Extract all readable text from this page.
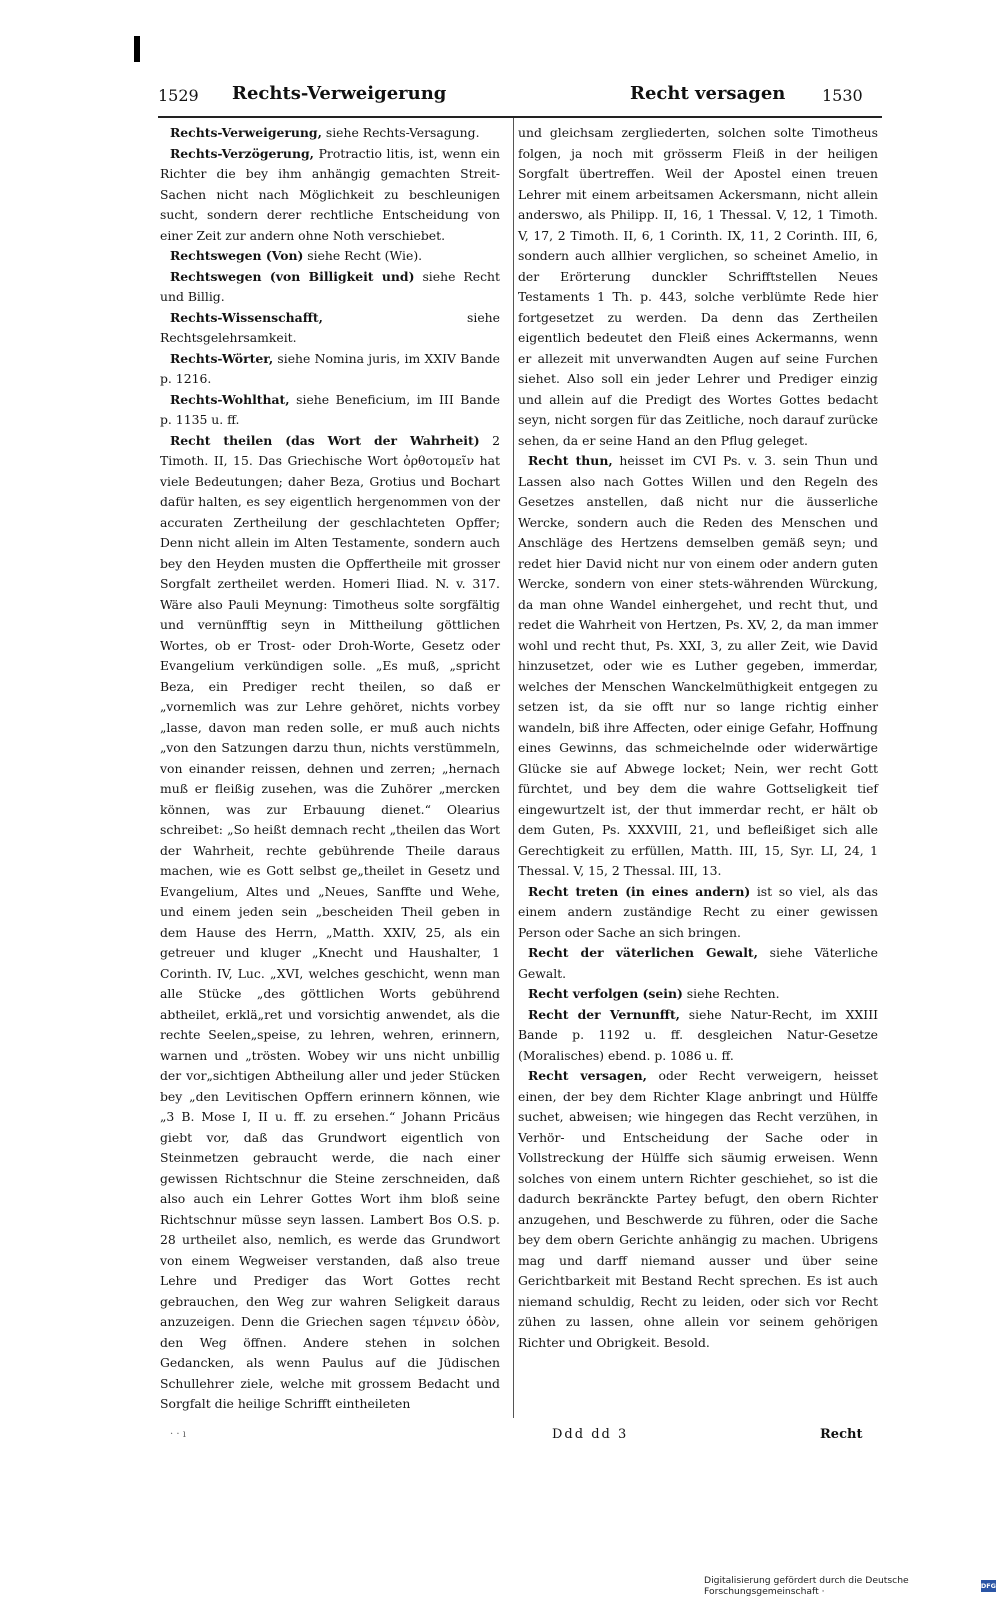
1529 Rechts-Verweigerung	Recht versagen 1530

Rechts-Verweigerung, siehe Rechts-Versagung.

Rechts-Verzögerung, Protractio litis, ist, wenn ein Richter die bey ihm anhängig gemachten Streit-Sachen nicht nach Möglichkeit zu beschleunigen sucht, sondern derer rechtliche Entscheidung von einer Zeit zur andern ohne Noth verschiebet.

Rechtswegen (Von) siehe Recht (Wie).

Rechtswegen (von Billigkeit und) siehe Recht und Billig.

Rechts-Wissenschafft, siehe Rechtsgelehrsamkeit.

Rechts-Wörter, siehe Nomina juris, im XXIV Bande p. 1216.

Rechts-Wohlthat, siehe Beneficium, im III Bande p. 1135 u. ff.

Recht theilen (das Wort der Wahrheit) 2 Timoth. II, 15. Das Griechische Wort ὀρθοτομεῖν hat viele Bedeutungen; daher Beza, Grotius und Bochart dafür halten, es sey eigentlich hergenommen von der accuraten Zertheilung der geschlachteten Opffer; Denn nicht allein im Alten Testamente, sondern auch bey den Heyden musten die Opffertheile mit grosser Sorgfalt zertheilet werden. Homeri Iliad. N. v. 317. Wäre also Pauli Meynung: Timotheus solte sorgfältig und vernünfftig seyn in Mittheilung göttlichen Wortes, ob er Trost- oder Droh-Worte, Gesetz oder Evangelium verkündigen solle. „Es muß, „spricht Beza, ein Prediger recht theilen, so daß er „vornemlich was zur Lehre gehöret, nichts vorbey „lasse, davon man reden solle, er muß auch nichts „von den Satzungen darzu thun, nichts verstümmeln, von einander reissen, dehnen und zerren; „hernach muß er fleißig zusehen, was die Zuhörer „mercken können, was zur Erbauung dienet.“ Olearius schreibet: „So heißt demnach recht „theilen das Wort der Wahrheit, rechte gebührende Theile daraus machen, wie es Gott selbst ge„theilet in Gesetz und Evangelium, Altes und „Neues, Sanffte und Wehe, und einem jeden sein „bescheiden Theil geben in dem Hause des Herrn, „Matth. XXIV, 25, als ein getreuer und kluger „Knecht und Haushalter, 1 Corinth. IV, Luc. „XVI, welches geschicht, wenn man alle Stücke „des göttlichen Worts gebührend abtheilet, erklä„ret und vorsichtig anwendet, als die rechte Seelen„speise, zu lehren, wehren, erinnern, warnen und „trösten. Wobey wir uns nicht unbillig der vor„sichtigen Abtheilung aller und jeder Stücken bey „den Levitischen Opffern erinnern können, wie „3 B. Mose I, II u. ff. zu ersehen.“ Johann Pricäus giebt vor, daß das Grundwort eigentlich von Steinmetzen gebraucht werde, die nach einer gewissen Richtschnur die Steine zerschneiden, daß also auch ein Lehrer Gottes Wort ihm bloß seine Richtschnur müsse seyn lassen. Lambert Bos O.S. p. 28 urtheilet also, nemlich, es werde das Grundwort von einem Wegweiser verstanden, daß also treue Lehre und Prediger das Wort Gottes recht gebrauchen, den Weg zur wahren Seligkeit daraus anzuzeigen. Denn die Griechen sagen τέμνειν ὁδὸν, den Weg öffnen. Andere stehen in solchen Gedancken, als wenn Paulus auf die Jüdischen Schullehrer ziele, welche mit grossem Bedacht und Sorgfalt die heilige Schrifft eintheileten

und gleichsam zergliederten, solchen solte Timotheus folgen, ja noch mit grösserm Fleiß in der heiligen Sorgfalt übertreffen. Weil der Apostel einen treuen Lehrer mit einem arbeitsamen Ackersmann, nicht allein anderswo, als Philipp. II, 16, 1 Thessal. V, 12, 1 Timoth. V, 17, 2 Timoth. II, 6, 1 Corinth. IX, 11, 2 Corinth. III, 6, sondern auch allhier verglichen, so scheinet Amelio, in der Erörterung dunckler Schrifftstellen Neues Testaments 1 Th. p. 443, solche verblümte Rede hier fortgesetzet zu werden. Da denn das Zertheilen eigentlich bedeutet den Fleiß eines Ackermanns, wenn er allezeit mit unverwandten Augen auf seine Furchen siehet. Also soll ein jeder Lehrer und Prediger einzig und allein auf die Predigt des Wortes Gottes bedacht seyn, nicht sorgen für das Zeitliche, noch darauf zurücke sehen, da er seine Hand an den Pflug geleget.

Recht thun, heisset im CVI Ps. v. 3. sein Thun und Lassen also nach Gottes Willen und den Regeln des Gesetzes anstellen, daß nicht nur die äusserliche Wercke, sondern auch die Reden des Menschen und Anschläge des Hertzens demselben gemäß seyn; und redet hier David nicht nur von einem oder andern guten Wercke, sondern von einer stets-währenden Würckung, da man ohne Wandel einhergehet, und recht thut, und redet die Wahrheit von Hertzen, Ps. XV, 2, da man immer wohl und recht thut, Ps. XXI, 3, zu aller Zeit, wie David hinzusetzet, oder wie es Luther gegeben, immerdar, welches der Menschen Wanckelmüthigkeit entgegen zu setzen ist, da sie offt nur so lange richtig einher wandeln, biß ihre Affecten, oder einige Gefahr, Hoffnung eines Gewinns, das schmeichelnde oder widerwärtige Glücke sie auf Abwege locket; Nein, wer recht Gott fürchtet, und bey dem die wahre Gottseligkeit tief eingewurtzelt ist, der thut immerdar recht, er hält ob dem Guten, Ps. XXXVIII, 21, und befleißiget sich alle Gerechtigkeit zu erfüllen, Matth. III, 15, Syr. LI, 24, 1 Thessal. V, 15, 2 Thessal. III, 13.

Recht treten (in eines andern) ist so viel, als das einem andern zuständige Recht zu einer gewissen Person oder Sache an sich bringen.

Recht der väterlichen Gewalt, siehe Väterliche Gewalt.

Recht verfolgen (sein) siehe Rechten.

Recht der Vernunfft, siehe Natur-Recht, im XXIII Bande p. 1192 u. ff. desgleichen Natur-Gesetze (Moralisches) ebend. p. 1086 u. ff.

Recht versagen, oder Recht verweigern, heisset einen, der bey dem Richter Klage anbringt und Hülffe suchet, abweisen; wie hingegen das Recht verzühen, in Verhör- und Entscheidung der Sache oder in Vollstreckung der Hülffe sich säumig erweisen. Wenn solches von einem untern Richter geschiehet, so ist die dadurch beкränckte Partey befugt, den obern Richter anzugehen, und Beschwerde zu führen, oder die Sache bey dem obern Gerichte anhängig zu machen. Ubrigens mag und darff niemand ausser und über seine Gerichtbarkeit mit Bestand Recht sprechen. Es ist auch niemand schuldig, Recht zu leiden, oder sich vor Recht zühen zu lassen, ohne allein vor seinem gehörigen Richter und Obrigkeit. Besold.

· · ı	Ddd dd 3	Recht
Digitalisierung gefördert durch die Deutsche Forschungsgemeinschaft ·	DFG
